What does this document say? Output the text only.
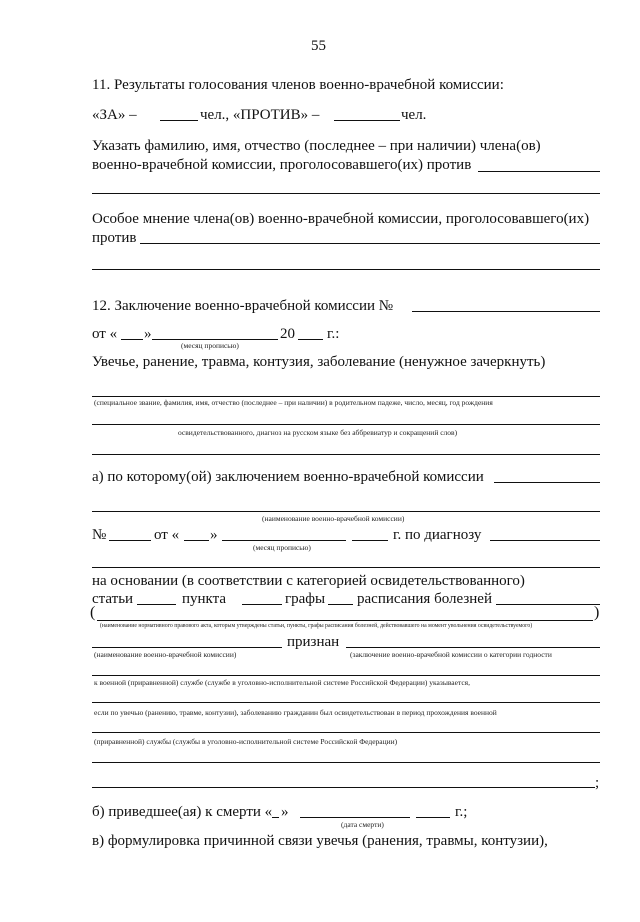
55
11. Результаты голосования членов военно-врачебной комиссии:
«ЗА» –	чел., «ПРОТИВ» –	чел.
Указать фамилию, имя, отчество (последнее – при наличии) члена(ов)
военно-врачебной комиссии, проголосовавшего(их) против
Особое мнение члена(ов) военно-врачебной комиссии, проголосовавшего(их)
против
12. Заключение военно-врачебной комиссии №
от « »	20 г.:
(месяц прописью)
Увечье, ранение, травма, контузия, заболевание (ненужное зачеркнуть)
(специальное звание, фамилия, имя, отчество (последнее – при наличии) в родительном падеже, число, месяц, год рождения
освидетельствованного, диагноз на русском языке без аббревиатур и сокращений слов)
а) по которому(ой) заключением военно-врачебной комиссии
(наименование военно-врачебной комиссии)
№	от « »	г. по диагнозу
(месяц прописью)
на основании (в соответствии с категорией освидетельствованного)
статьи	пункта	графы расписания болезней
(	)
(наименование нормативного правового акта, которым утверждены статьи, пункты, графы расписания болезней, действовавшего на момент увольнения освидетельствуемого)
признан
(наименование военно-врачебной комиссии)	(заключение военно-врачебной комиссии о категории годности
к военной (приравненной) службе (службе в уголовно-исполнительной системе Российской Федерации) указывается,
если по увечью (ранению, травме, контузии), заболеванию гражданин был освидетельствован в период прохождения военной
(приравненной) службы (службы в уголовно-исполнительной системе Российской Федерации)
;
б) приведшее(ая) к смерти « »	г.;
(дата смерти)
в) формулировка причинной связи увечья (ранения, травмы, контузии),
